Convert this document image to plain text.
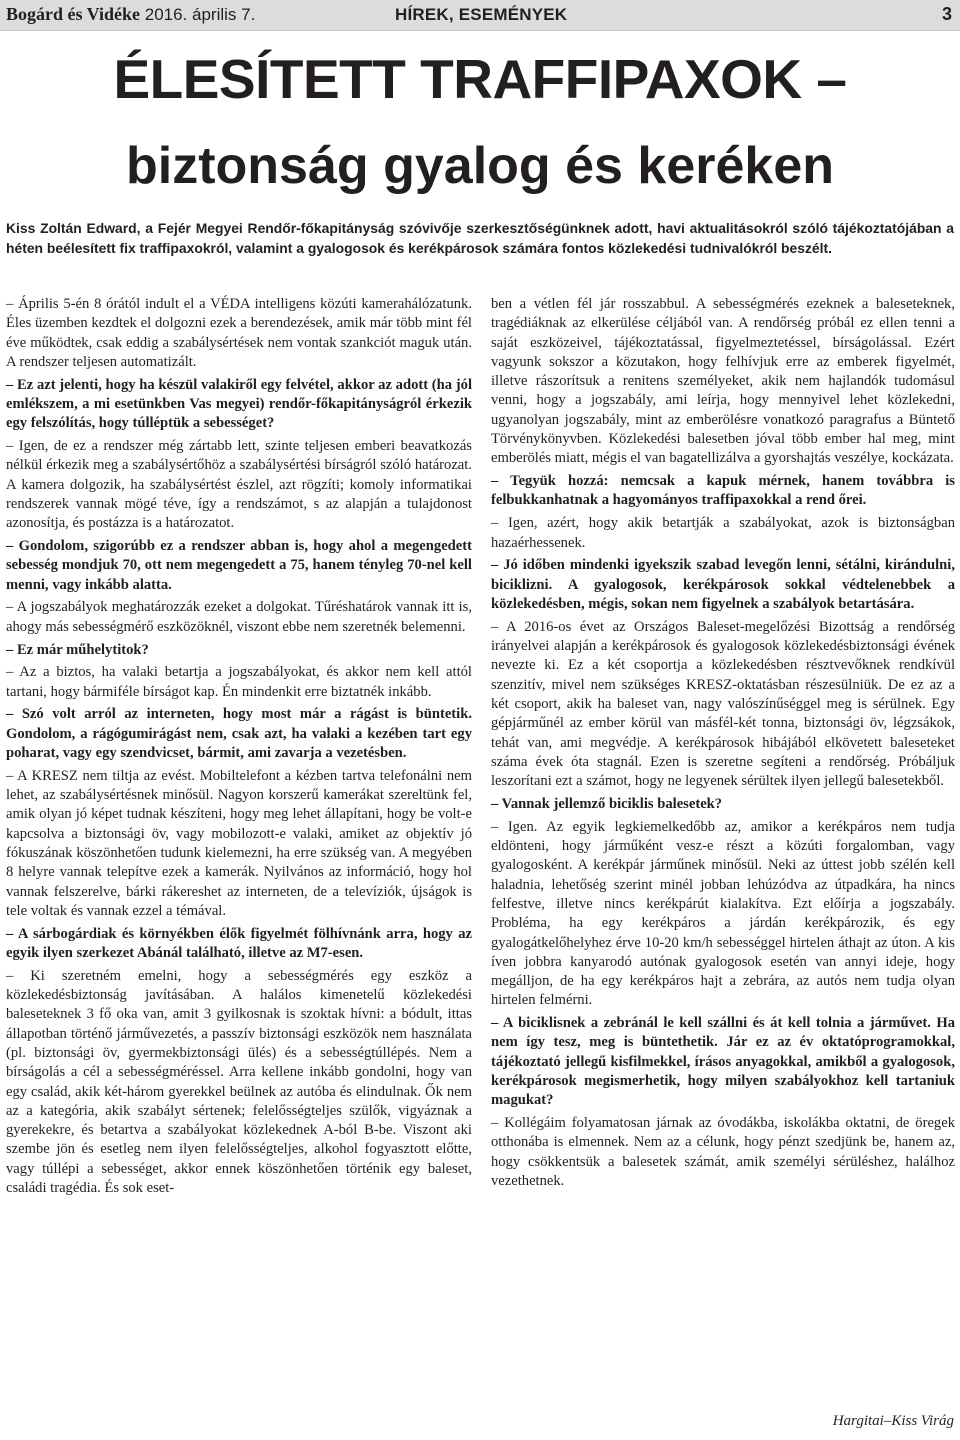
Bogárd és Vidéke 2016. április 7.	HÍREK, ESEMÉNYEK	3
ÉLESÍTETT TRAFFIPAXOK –
biztonság gyalog és keréken
Kiss Zoltán Edward, a Fejér Megyei Rendőr-főkapitányság szóvivője szerkesztőségünknek adott, havi aktualitásokról szóló tájékoztatójában a héten beélesített fix traffipaxokról, valamint a gyalogosok és kerékpárosok számára fontos közlekedési tudnivalókról beszélt.

– Április 5-én 8 órától indult el a VÉDA intelligens közúti kamerahálózatunk. Éles üzemben kezdtek el dolgozni ezek a berendezések, amik már több mint fél éve működtek, csak eddig a szabálysértések nem vontak szankciót maguk után. A rendszer teljesen automatizált.

– Ez azt jelenti, hogy ha készül valakiről egy felvétel, akkor az adott (ha jól emlékszem, a mi esetünkben Vas megyei) rendőr-főkapitányságról érkezik egy felszólítás, hogy túlléptük a sebességet?

– Igen, de ez a rendszer még zártabb lett, szinte teljesen emberi beavatkozás nélkül érkezik meg a szabálysértőhöz a szabálysértési bírságról szóló határozat. A kamera dolgozik, ha szabálysértést észlel, azt rögzíti; komoly informatikai rendszerek vannak mögé téve, így a rendszámot, s az alapján a tulajdonost azonosítja, és postázza is a határozatot.

– Gondolom, szigorúbb ez a rendszer abban is, hogy ahol a megengedett sebesség mondjuk 70, ott nem megengedett a 75, hanem tényleg 70-nel kell menni, vagy inkább alatta.

– A jogszabályok meghatározzák ezeket a dolgokat. Tűréshatárok vannak itt is, ahogy más sebességmérő eszközöknél, viszont ebbe nem szeretnék belemenni.

– Ez már műhelytitok?

– Az a biztos, ha valaki betartja a jogszabályokat, és akkor nem kell attól tartani, hogy bármiféle bírságot kap. Én mindenkit erre biztatnék inkább.

– Szó volt arról az interneten, hogy most már a rágást is büntetik. Gondolom, a rágógumirágást nem, csak azt, ha valaki a kezében tart egy poharat, vagy egy szendvicset, bármit, ami zavarja a vezetésben.

– A KRESZ nem tiltja az evést. Mobiltelefont a kézben tartva telefonálni nem lehet, az szabálysértésnek minősül. Nagyon korszerű kamerákat szereltünk fel, amik olyan jó képet tudnak készíteni, hogy meg lehet állapítani, hogy be volt-e kapcsolva a biztonsági öv, vagy mobilozott-e valaki, amiket az objektív jó fókuszának köszönhetően tudunk kielemezni, ha erre szükség van. A megyében 8 helyre vannak telepítve ezek a kamerák. Nyilvános az információ, hogy hol vannak felszerelve, bárki rákereshet az interneten, de a televíziók, újságok is tele voltak és vannak ezzel a témával.

– A sárbogárdiak és környékben élők figyelmét fölhívnánk arra, hogy az egyik ilyen szerkezet Abánál található, illetve az M7-esen.

– Ki szeretném emelni, hogy a sebességmérés egy eszköz a közlekedésbiztonság javításában. A halálos kimenetelű közlekedési baleseteknek 3 fő oka van, amit 3 gyilkosnak is szoktak hívni: a bódult, ittas állapotban történő járművezetés, a passzív biztonsági eszközök nem használata (pl. biztonsági öv, gyermekbiztonsági ülés) és a sebességtúllépés. Nem a bírságolás a cél a sebességméréssel. Arra kellene inkább gondolni, hogy van egy család, akik két-három gyerekkel beülnek az autóba és elindulnak. Ők nem az a kategória, akik szabályt sértenek; felelősségteljes szülők, vigyáznak a gyerekekre, és betartva a szabályokat közlekednek A-ból B-be. Viszont aki szembe jön és esetleg nem ilyen felelősségteljes, alkohol fogyasztott előtte, vagy túllépi a sebességet, akkor ennek köszönhetően történik egy baleset, családi tragédia. És sok eset-

ben a vétlen fél jár rosszabbul. A sebességmérés ezeknek a baleseteknek, tragédiáknak az elkerülése céljából van. A rendőrség próbál ez ellen tenni a saját eszközeivel, tájékoztatással, figyelmeztetéssel, bírságolással. Ezért vagyunk sokszor a közutakon, hogy felhívjuk erre az emberek figyelmét, illetve rászorítsuk a renitens személyeket, akik nem hajlandók tudomásul venni, hogy a jogszabály, ami leírja, hogy mennyivel lehet közlekedni, ugyanolyan jogszabály, mint az emberölésre vonatkozó paragrafus a Büntető Törvénykönyvben. Közlekedési balesetben jóval több ember hal meg, mint emberölés miatt, mégis el van bagatellizálva a gyorshajtás veszélye, kockázata.

– Tegyük hozzá: nemcsak a kapuk mérnek, hanem továbbra is felbukkanhatnak a hagyományos traffipaxokkal a rend őrei.

– Igen, azért, hogy akik betartják a szabályokat, azok is biztonságban hazaérhessenek.

– Jó időben mindenki igyekszik szabad levegőn lenni, sétálni, kirándulni, biciklizni. A gyalogosok, kerékpárosok sokkal védtelenebbek a közlekedésben, mégis, sokan nem figyelnek a szabályok betartására.

– A 2016-os évet az Országos Baleset-megelőzési Bizottság a rendőrség irányelvei alapján a kerékpárosok és gyalogosok közlekedésbiztonsági évének nevezte ki. Ez a két csoportja a közlekedésben résztvevőknek rendkívül szenzitív, mivel nem szükséges KRESZ-oktatásban részesülniük. De ez az a két csoport, akik ha baleset van, nagy valószínűséggel meg is sérülnek. Egy gépjárműnél az ember körül van másfél-két tonna, biztonsági öv, légzsákok, tehát van, ami megvédje. A kerékpárosok hibájából elkövetett baleseteket száma évek óta stagnál. Ezen is szeretne segíteni a rendőrség. Próbáljuk leszorítani ezt a számot, hogy ne legyenek sérültek ilyen jellegű balesetekből.

– Vannak jellemző biciklis balesetek?

– Igen. Az egyik legkiemelkedőbb az, amikor a kerékpáros nem tudja eldönteni, hogy járműként vesz-e részt a közúti forgalomban, vagy gyalogosként. A kerékpár járműnek minősül. Neki az úttest jobb szélén kell haladnia, lehetőség szerint minél jobban lehúzódva az útpadkára, ha nincs felfestve, illetve nincs kerékpárút kialakítva. Ezt előírja a jogszabály. Probléma, ha egy kerékpáros a járdán kerékpározik, és egy gyalogátkelőhelyhez érve 10-20 km/h sebességgel hirtelen áthajt az úton. A kis íven jobbra kanyarodó autónak gyalogosok esetén van annyi ideje, hogy megálljon, de ha egy kerékpáros hajt a zebrára, az autós nem tudja olyan hirtelen felmérni.

– A biciklisnek a zebránál le kell szállni és át kell tolnia a járművet. Ha nem így tesz, meg is büntethetik. Jár ez az év oktatóprogramokkal, tájékoztató jellegű kisfilmekkel, írásos anyagokkal, amikből a gyalogosok, kerékpárosok megismerhetik, hogy milyen szabályokhoz kell tartaniuk magukat?

– Kollégáim folyamatosan járnak az óvodákba, iskolákba oktatni, de öregek otthonába is elmennek. Nem az a célunk, hogy pénzt szedjünk be, hanem az, hogy csökkentsük a balesetek számát, amik személyi sérüléshez, halálhoz vezethetnek.

Hargitai–Kiss Virág
